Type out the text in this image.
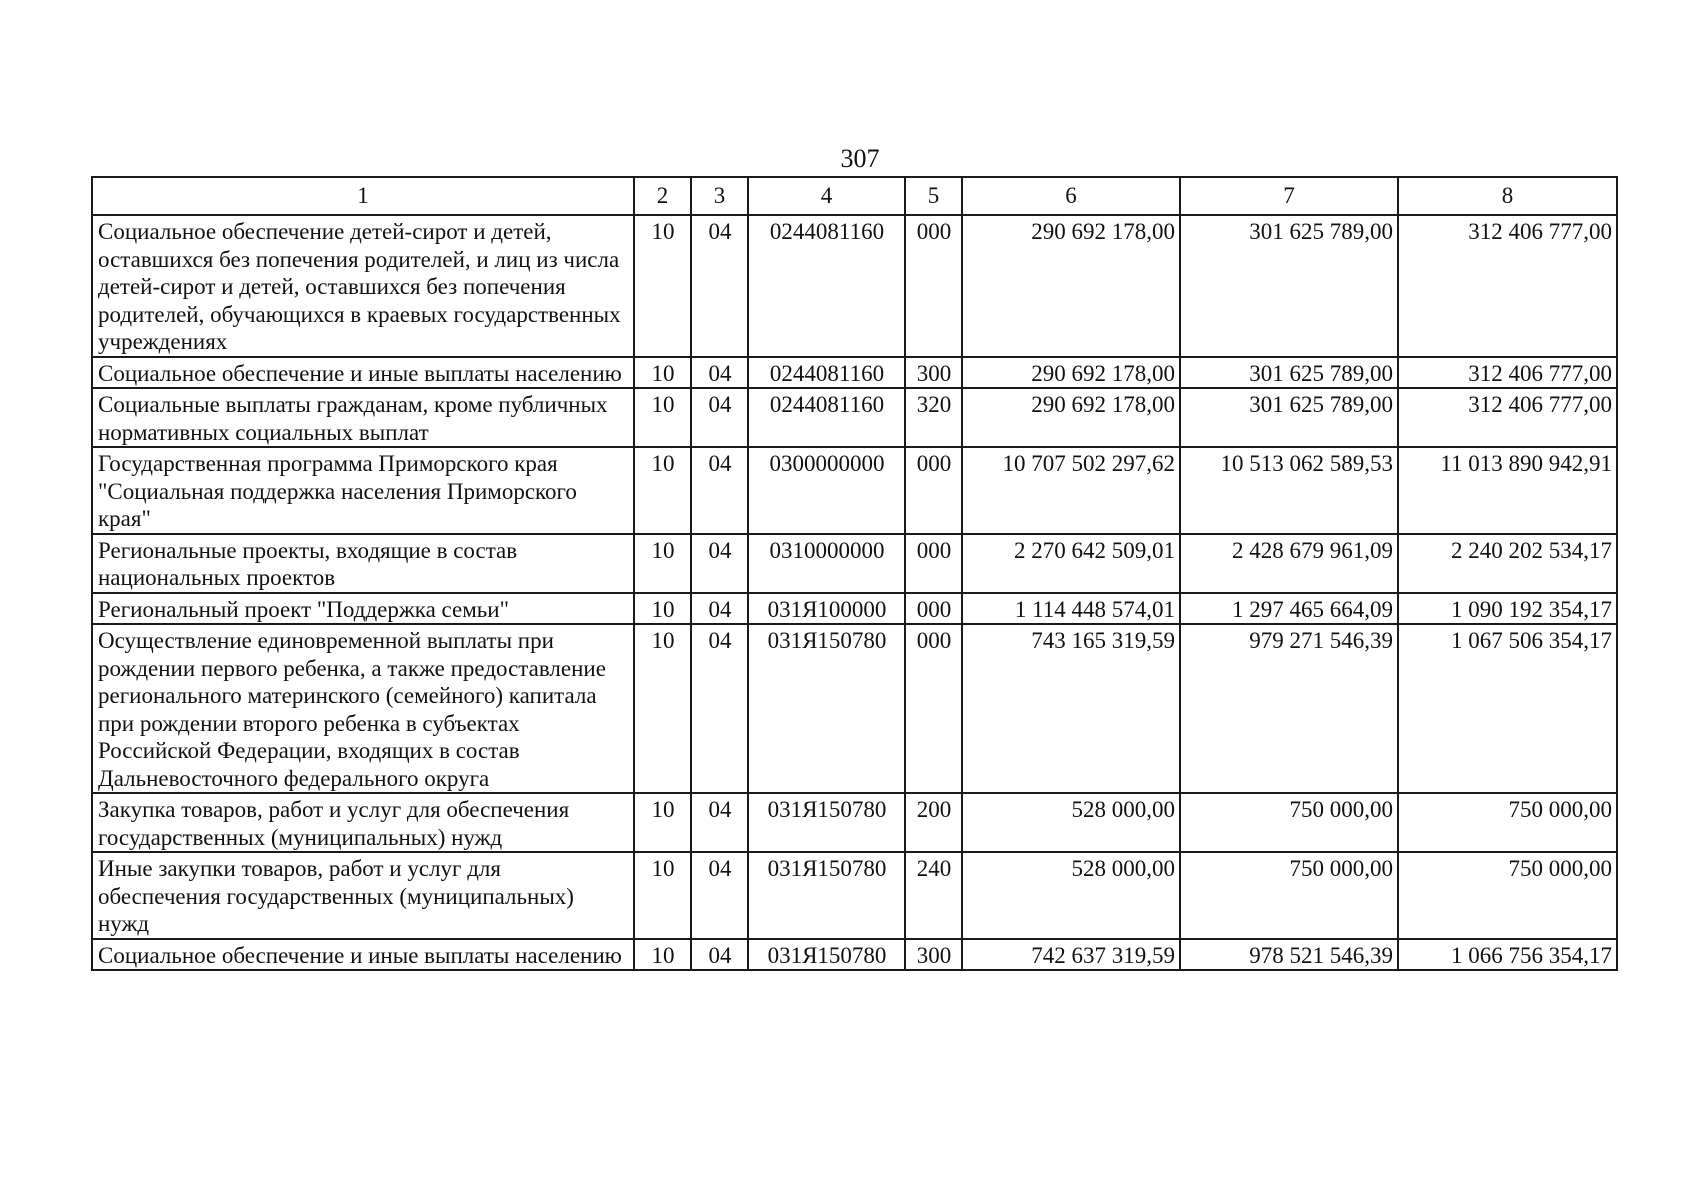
307
1	2	3	4	5	6	7	8
Социальное обеспечение детей-сирот и детей, оставшихся без попечения родителей, и лиц из числа детей-сирот и детей, оставшихся без попечения родителей, обучающихся в краевых государственных учреждениях	10	04	0244081160	000	290 692 178,00	301 625 789,00	312 406 777,00
Социальное обеспечение и иные выплаты населению	10	04	0244081160	300	290 692 178,00	301 625 789,00	312 406 777,00
Социальные выплаты гражданам, кроме публичных нормативных социальных выплат	10	04	0244081160	320	290 692 178,00	301 625 789,00	312 406 777,00
Государственная программа Приморского края "Социальная поддержка населения Приморского края"	10	04	0300000000	000	10 707 502 297,62	10 513 062 589,53	11 013 890 942,91
Региональные проекты, входящие в состав национальных проектов	10	04	0310000000	000	2 270 642 509,01	2 428 679 961,09	2 240 202 534,17
Региональный проект "Поддержка семьи"	10	04	031Я100000	000	1 114 448 574,01	1 297 465 664,09	1 090 192 354,17
Осуществление единовременной выплаты при рождении первого ребенка, а также предоставление регионального материнского (семейного) капитала при рождении второго ребенка в субъектах Российской Федерации, входящих в состав Дальневосточного федерального округа	10	04	031Я150780	000	743 165 319,59	979 271 546,39	1 067 506 354,17
Закупка товаров, работ и услуг для обеспечения государственных (муниципальных) нужд	10	04	031Я150780	200	528 000,00	750 000,00	750 000,00
Иные закупки товаров, работ и услуг для обеспечения государственных (муниципальных) нужд	10	04	031Я150780	240	528 000,00	750 000,00	750 000,00
Социальное обеспечение и иные выплаты населению	10	04	031Я150780	300	742 637 319,59	978 521 546,39	1 066 756 354,17
